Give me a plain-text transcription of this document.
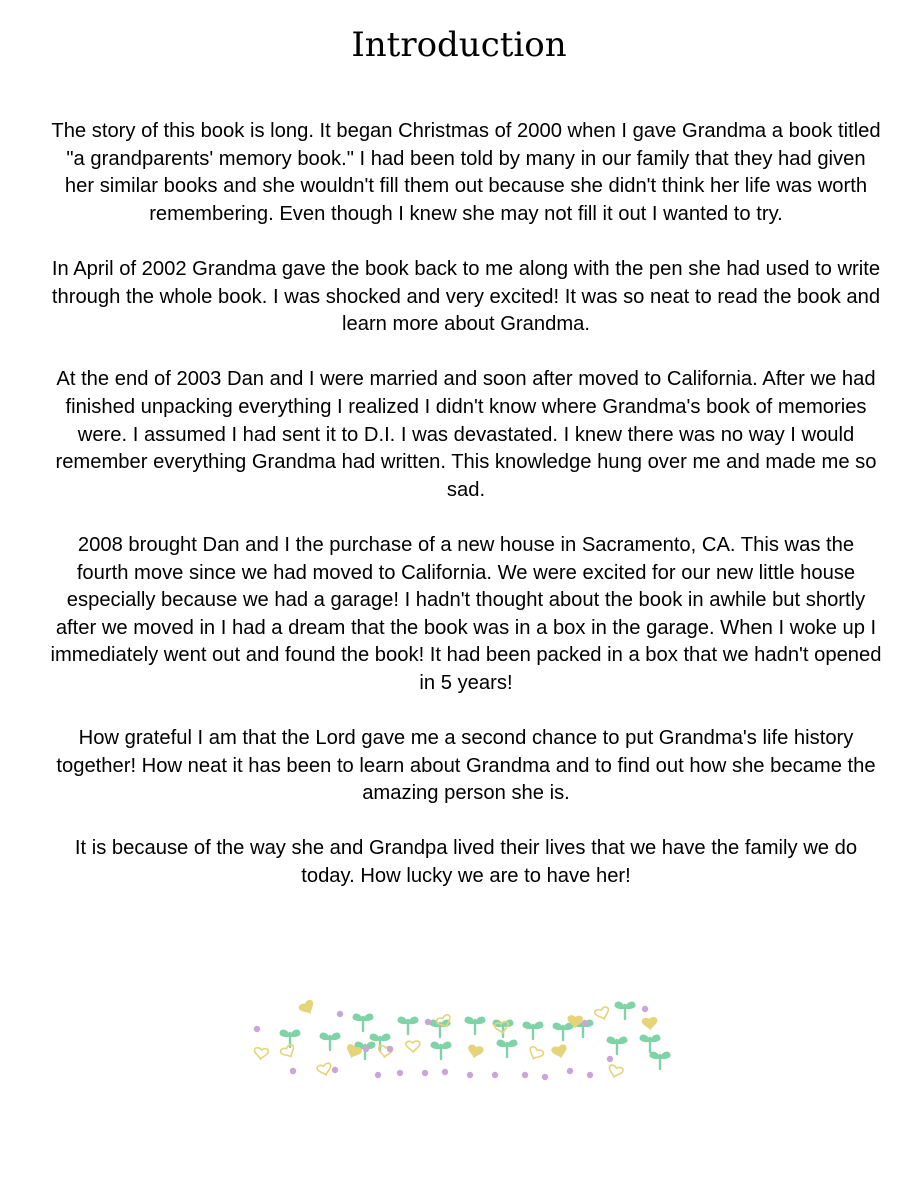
Introduction

The story of this book is long. It began Christmas of 2000 when I gave Grandma a book titled "a grandparents' memory book." I had been told by many in our family that they had given her similar books and she wouldn't fill them out because she didn't think her life was worth remembering. Even though I knew she may not fill it out I wanted to try.

In April of 2002 Grandma gave the book back to me along with the pen she had used to write through the whole book. I was shocked and very excited! It was so neat to read the book and learn more about Grandma.

At the end of 2003 Dan and I were married and soon after moved to California. After we had finished unpacking everything I realized I didn't know where Grandma's book of memories were. I assumed I had sent it to D.I. I was devastated. I knew there was no way I would remember everything Grandma had written. This knowledge hung over me and made me so sad.

2008 brought Dan and I the purchase of a new house in Sacramento, CA. This was the fourth move since we had moved to California. We were excited for our new little house especially because we had a garage! I hadn't thought about the book in awhile but shortly after we moved in I had a dream that the book was in a box in the garage. When I woke up I immediately went out and found the book! It had been packed in a box that we hadn't opened in 5 years!

How grateful I am that the Lord gave me a second chance to put Grandma's life history together! How neat it has been to learn about Grandma and to find out how she became the amazing person she is.

It is because of the way she and Grandpa lived their lives that we have the family we do today. How lucky we are to have her!
